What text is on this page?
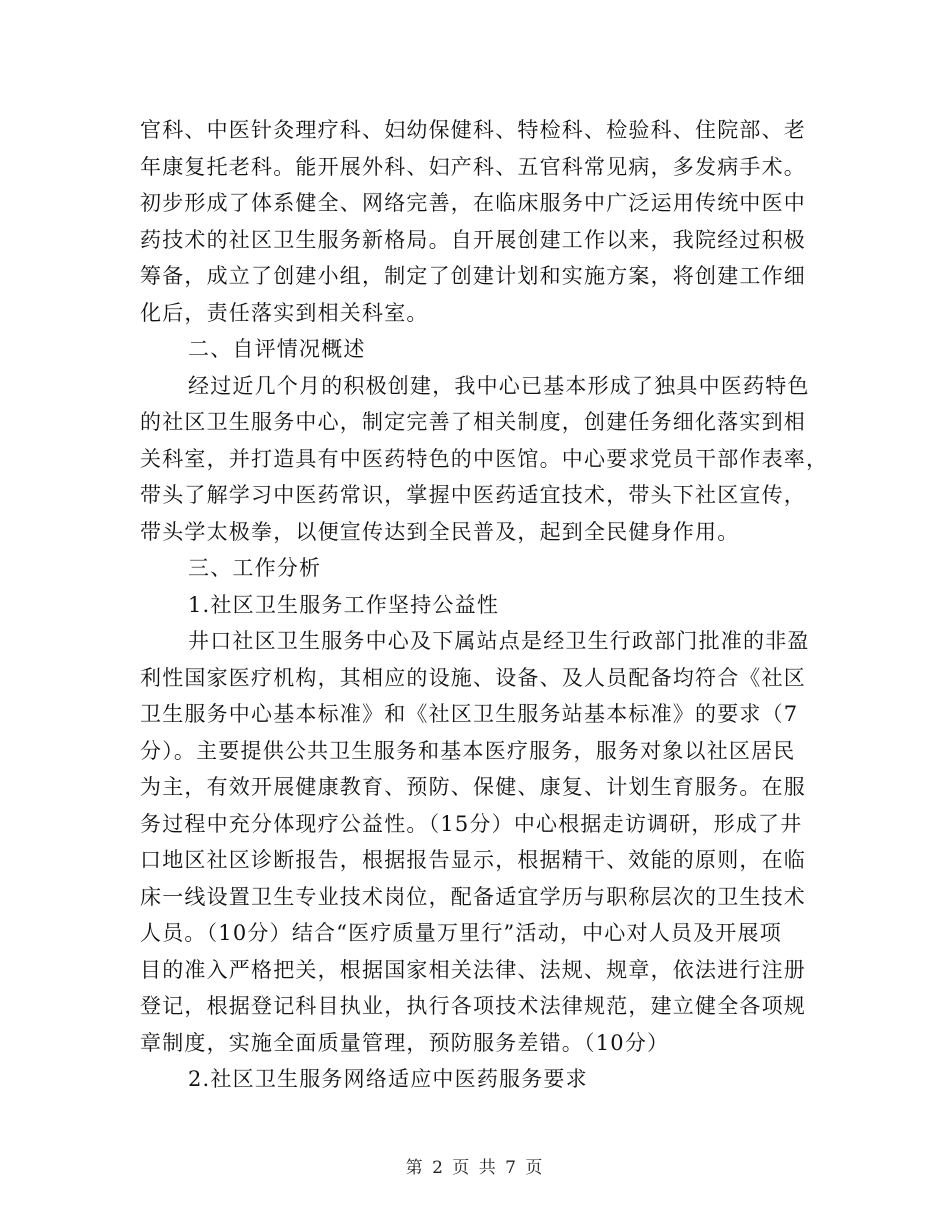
官科、中医针灸理疗科、妇幼保健科、特检科、检验科、住院部、老
年康复托老科。能开展外科、妇产科、五官科常见病，多发病手术。
初步形成了体系健全、网络完善，在临床服务中广泛运用传统中医中
药技术的社区卫生服务新格局。自开展创建工作以来，我院经过积极
筹备，成立了创建小组，制定了创建计划和实施方案，将创建工作细
化后，责任落实到相关科室。
二、自评情况概述
经过近几个月的积极创建，我中心已基本形成了独具中医药特色
的社区卫生服务中心，制定完善了相关制度，创建任务细化落实到相
关科室，并打造具有中医药特色的中医馆。中心要求党员干部作表率，
带头了解学习中医药常识，掌握中医药适宜技术，带头下社区宣传，
带头学太极拳，以便宣传达到全民普及，起到全民健身作用。
三、工作分析
1.社区卫生服务工作坚持公益性
井口社区卫生服务中心及下属站点是经卫生行政部门批准的非盈
利性国家医疗机构，其相应的设施、设备、及人员配备均符合《社区
卫生服务中心基本标准》和《社区卫生服务站基本标准》的要求（7
分）。主要提供公共卫生服务和基本医疗服务，服务对象以社区居民
为主，有效开展健康教育、预防、保健、康复、计划生育服务。在服
务过程中充分体现疗公益性。（15分）中心根据走访调研，形成了井
口地区社区诊断报告，根据报告显示，根据精干、效能的原则，在临
床一线设置卫生专业技术岗位，配备适宜学历与职称层次的卫生技术
人员。（10分）结合“医疗质量万里行”活动，中心对人员及开展项
目的准入严格把关，根据国家相关法律、法规、规章，依法进行注册
登记，根据登记科目执业，执行各项技术法律规范，建立健全各项规
章制度，实施全面质量管理，预防服务差错。（10分）
2.社区卫生服务网络适应中医药服务要求
第 2 页 共 7 页
